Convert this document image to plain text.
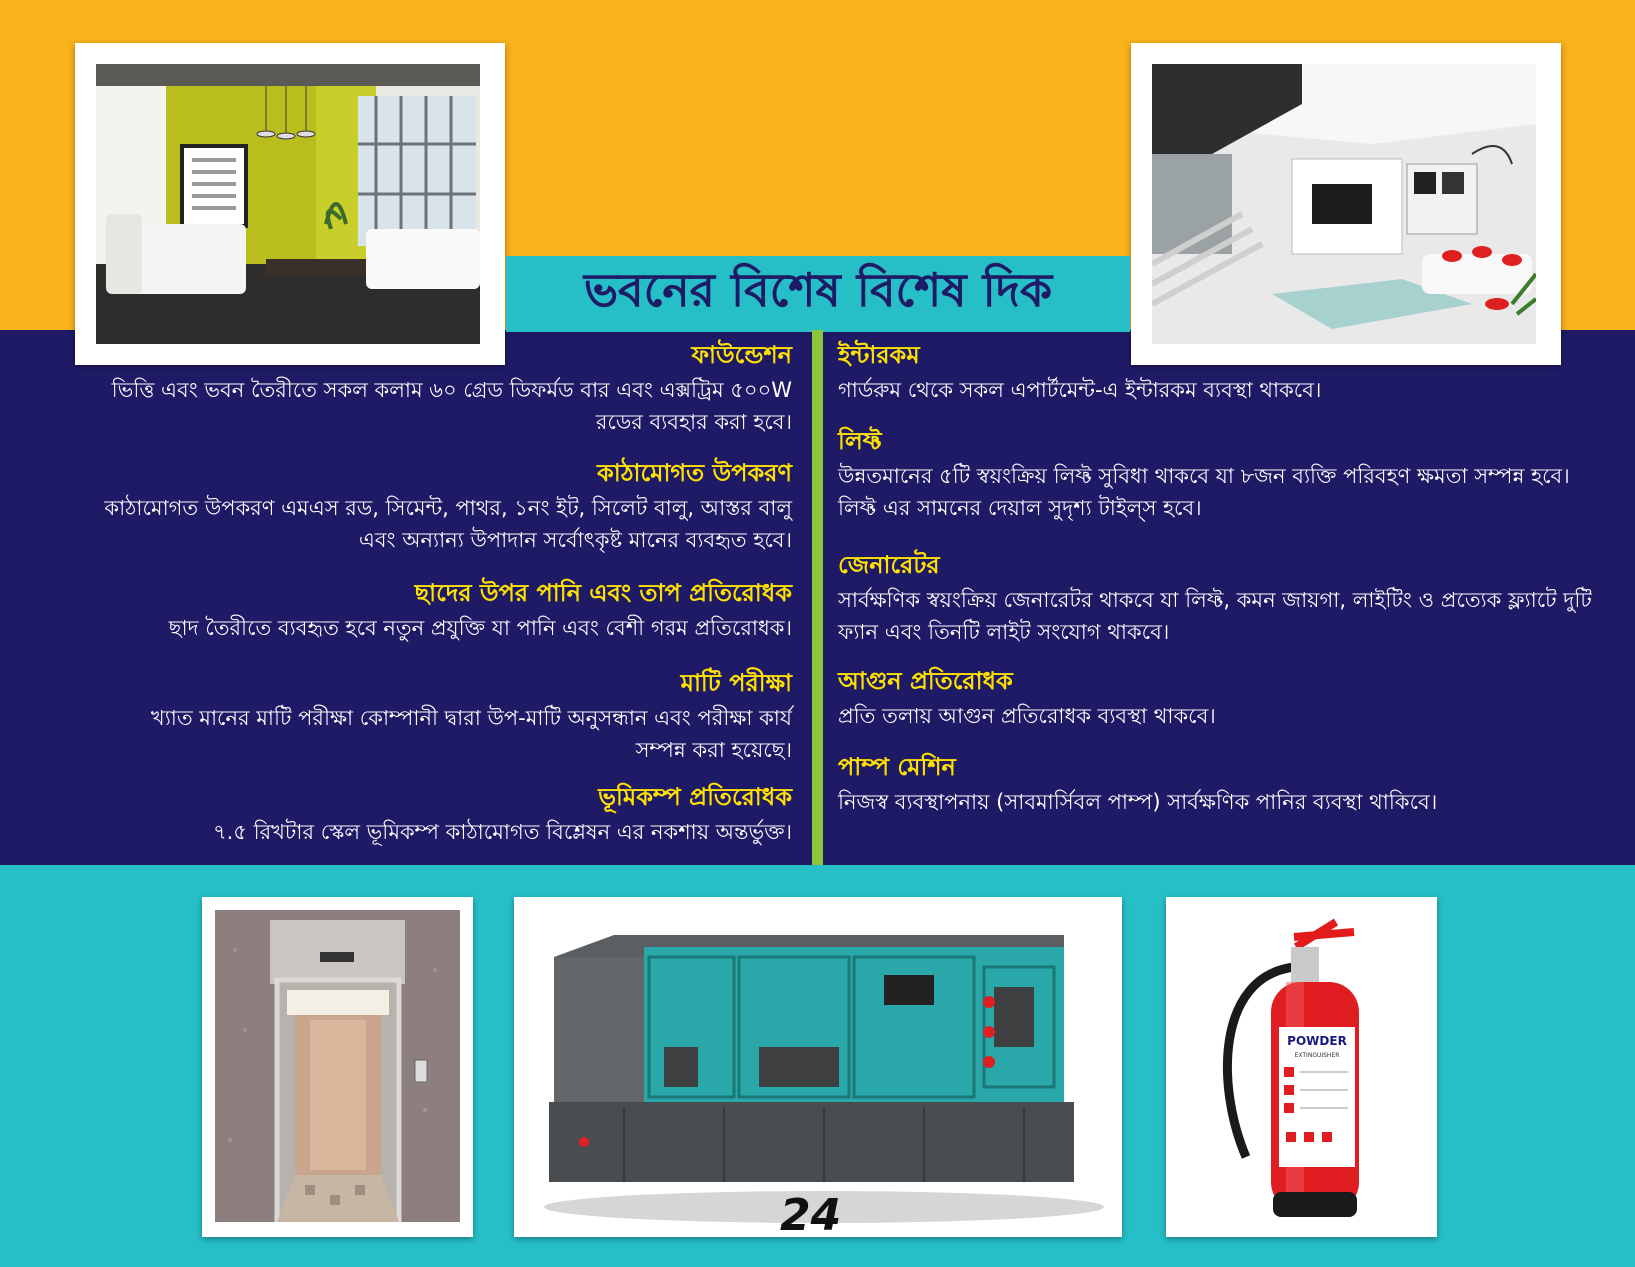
ভবনের বিশেষ বিশেষ দিক
ফাউন্ডেশন

ভিত্তি এবং ভবন তৈরীতে সকল কলাম ৬০ গ্রেড ডিফর্মড বার এবং এক্সট্রিম ৫০০W রডের ব্যবহার করা হবে।

কাঠামোগত উপকরণ

কাঠামোগত উপকরণ এমএস রড, সিমেন্ট, পাথর, ১নং ইট, সিলেট বালু, আস্তর বালু এবং অন্যান্য উপাদান সর্বোৎকৃষ্ট মানের ব্যবহৃত হবে।

ছাদের উপর পানি এবং তাপ প্রতিরোধক

ছাদ তৈরীতে ব্যবহৃত হবে নতুন প্রযুক্তি যা পানি এবং বেশী গরম প্রতিরোধক।

মাটি পরীক্ষা

খ্যাত মানের মাটি পরীক্ষা কোম্পানী দ্বারা উপ-মাটি অনুসন্ধান এবং পরীক্ষা কার্য সম্পন্ন করা হয়েছে।

ভূমিকম্প প্রতিরোধক

৭.৫ রিখটার স্কেল ভূমিকম্প কাঠামোগত বিশ্লেষন এর নকশায় অন্তর্ভুক্ত।

ইন্টারকম

গার্ডরুম থেকে সকল এপার্টমেন্ট-এ ইন্টারকম ব্যবস্থা থাকবে।

লিফ্ট

উন্নতমানের ৫টি স্বয়ংক্রিয় লিফ্ট সুবিধা থাকবে যা ৮জন ব্যক্তি পরিবহণ ক্ষমতা সম্পন্ন হবে। লিফ্ট এর সামনের দেয়াল সুদৃশ্য টাইল্স হবে।

জেনারেটর

সার্বক্ষণিক স্বয়ংক্রিয় জেনারেটর থাকবে যা লিফ্ট, কমন জায়গা, লাইটিং ও প্রত্যেক ফ্ল্যাটে দুটি ফ্যান এবং তিনটি লাইট সংযোগ থাকবে।

আগুন প্রতিরোধক

প্রতি তলায় আগুন প্রতিরোধক ব্যবস্থা থাকবে।

পাম্প মেশিন

নিজস্ব ব্যবস্থাপনায় (সাবমার্সিবল পাম্প) সার্বক্ষণিক পানির ব্যবস্থা থাকিবে।

24
POWDER
EXTINGUISHER
